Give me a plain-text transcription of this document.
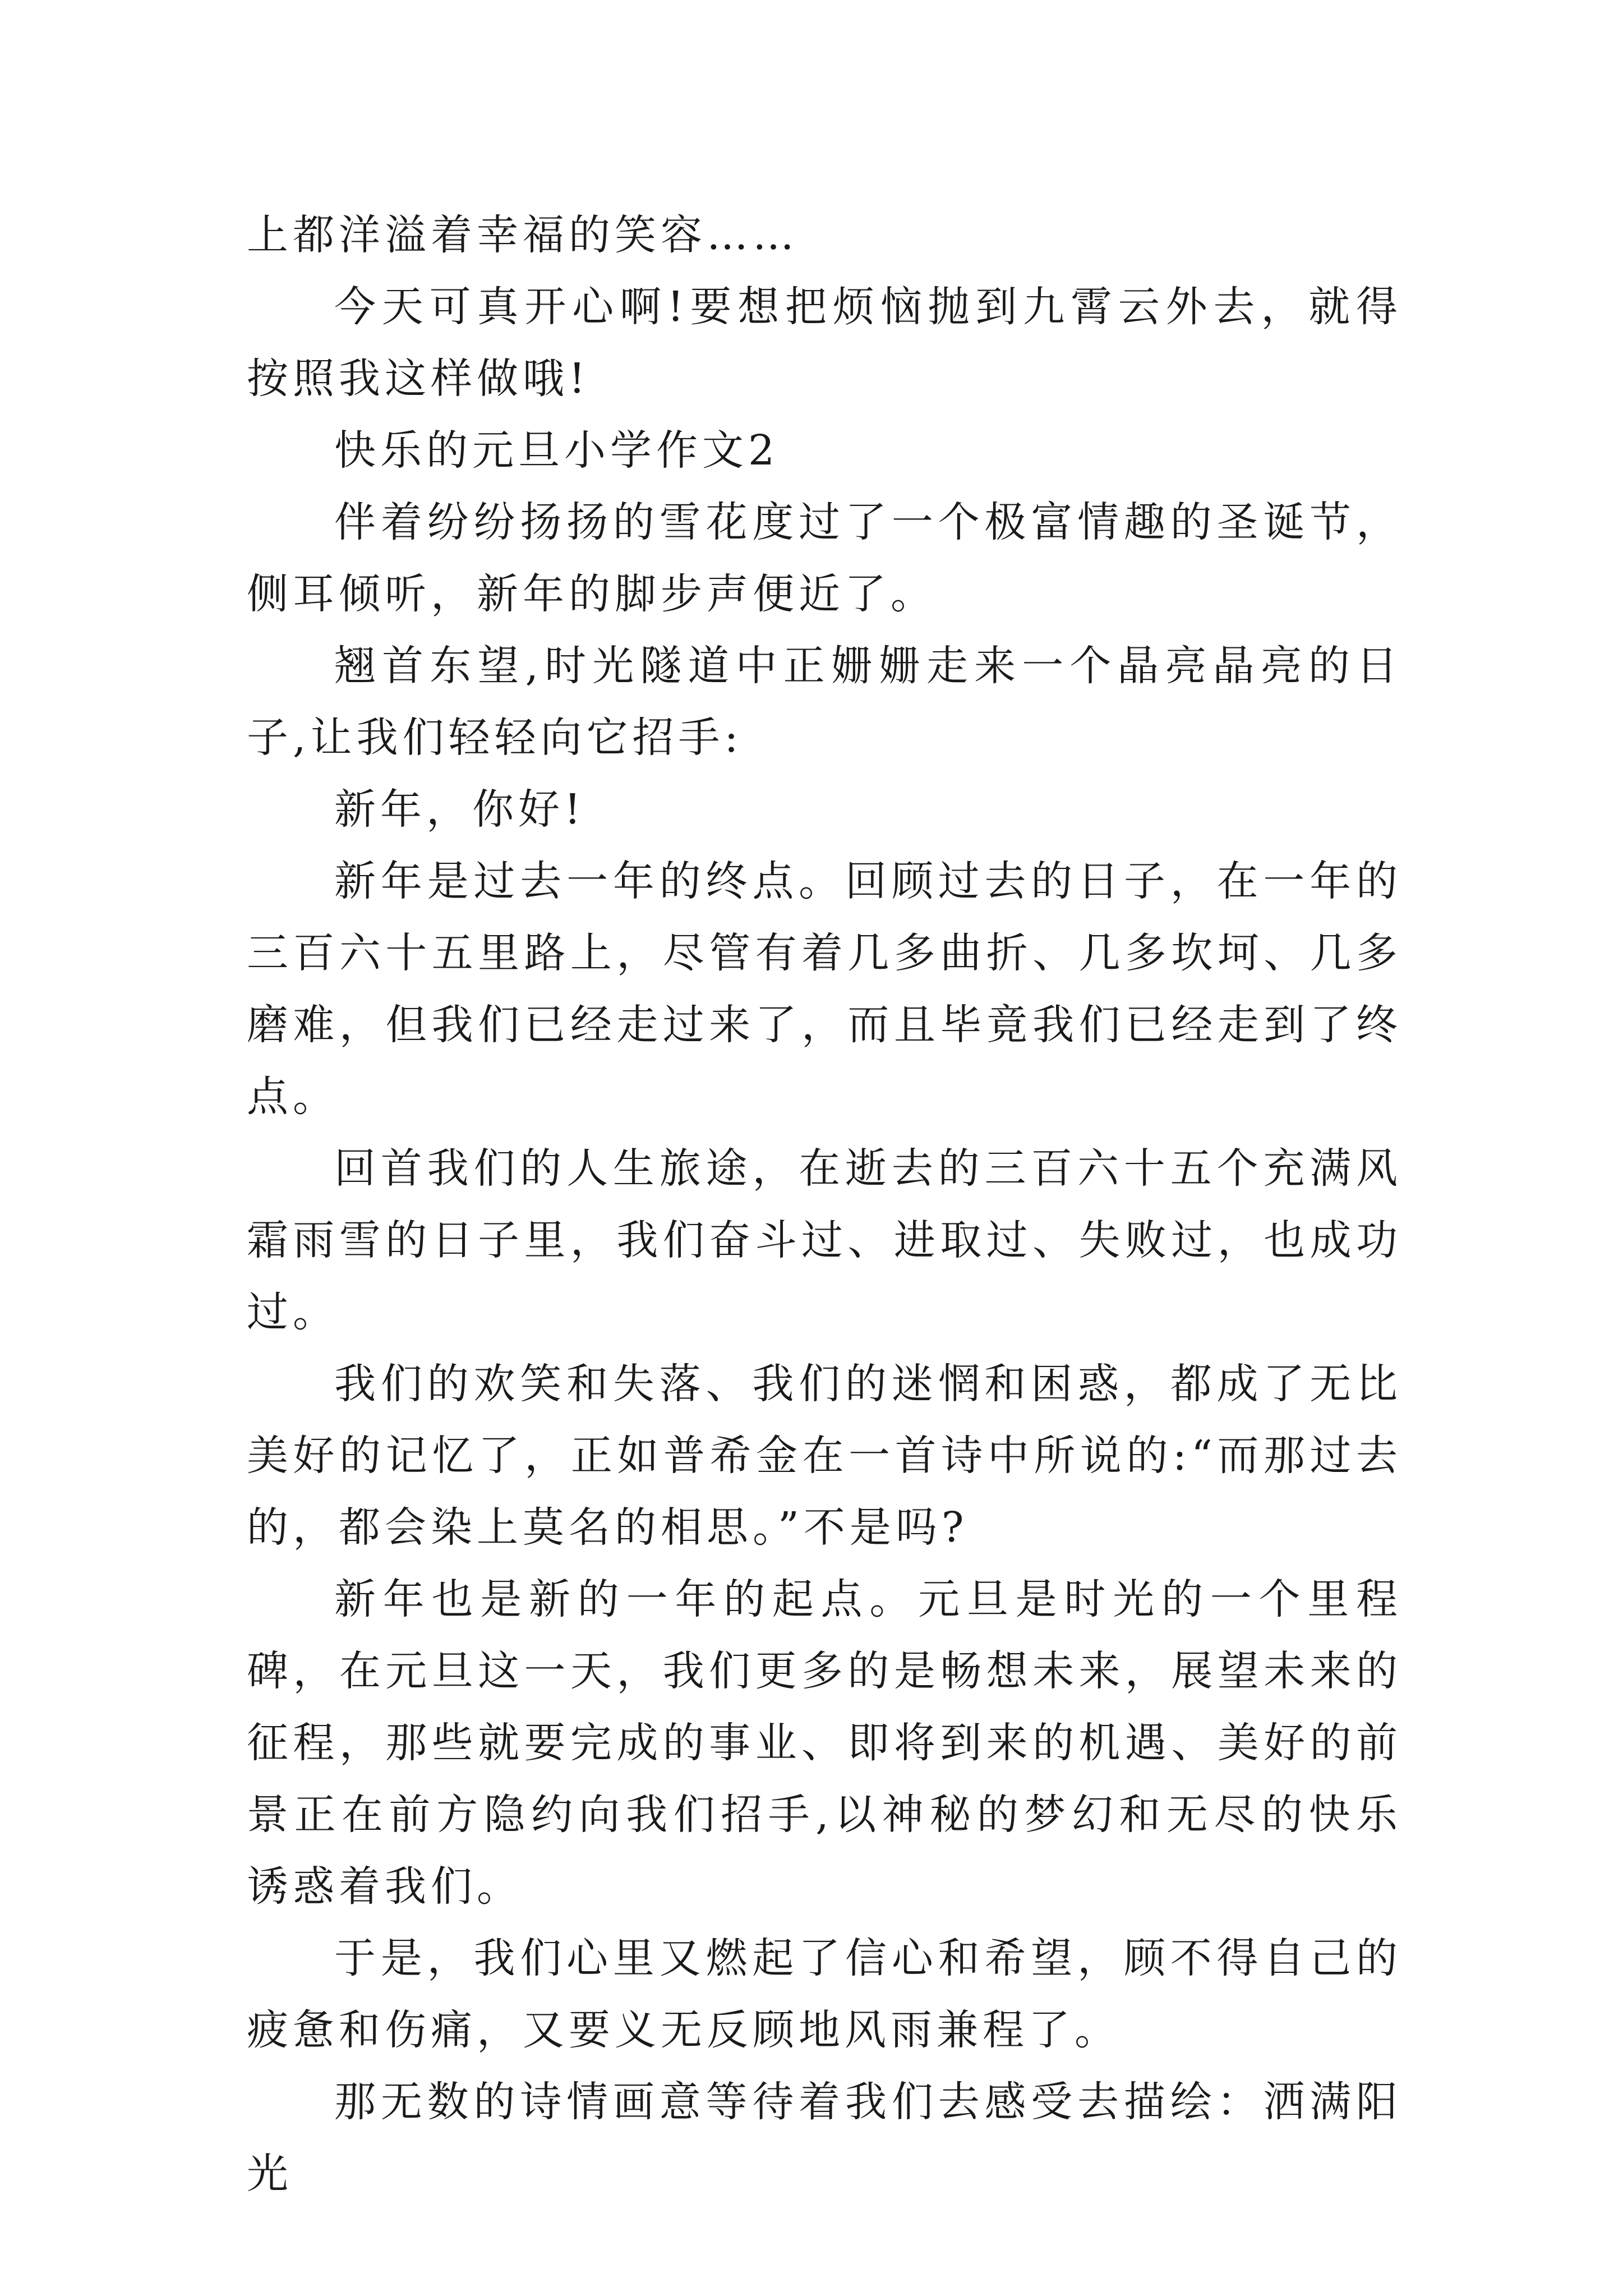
上都洋溢着幸福的笑容……

今天可真开心啊!要想把烦恼抛到九霄云外去，就得按照我这样做哦!

快乐的元旦小学作文2

伴着纷纷扬扬的雪花度过了一个极富情趣的圣诞节，侧耳倾听，新年的脚步声便近了。

翘首东望,时光隧道中正姗姗走来一个晶亮晶亮的日子,让我们轻轻向它招手:

新年，你好!

新年是过去一年的终点。回顾过去的日子，在一年的三百六十五里路上，尽管有着几多曲折、几多坎坷、几多磨难，但我们已经走过来了，而且毕竟我们已经走到了终点。

回首我们的人生旅途，在逝去的三百六十五个充满风霜雨雪的日子里，我们奋斗过、进取过、失败过，也成功过。

我们的欢笑和失落、我们的迷惘和困惑，都成了无比美好的记忆了，正如普希金在一首诗中所说的:“而那过去的，都会染上莫名的相思。”不是吗?

新年也是新的一年的起点。元旦是时光的一个里程碑，在元旦这一天，我们更多的是畅想未来，展望未来的征程，那些就要完成的事业、即将到来的机遇、美好的前景正在前方隐约向我们招手,以神秘的梦幻和无尽的快乐诱惑着我们。

于是，我们心里又燃起了信心和希望，顾不得自己的疲惫和伤痛，又要义无反顾地风雨兼程了。

那无数的诗情画意等待着我们去感受去描绘：洒满阳光
